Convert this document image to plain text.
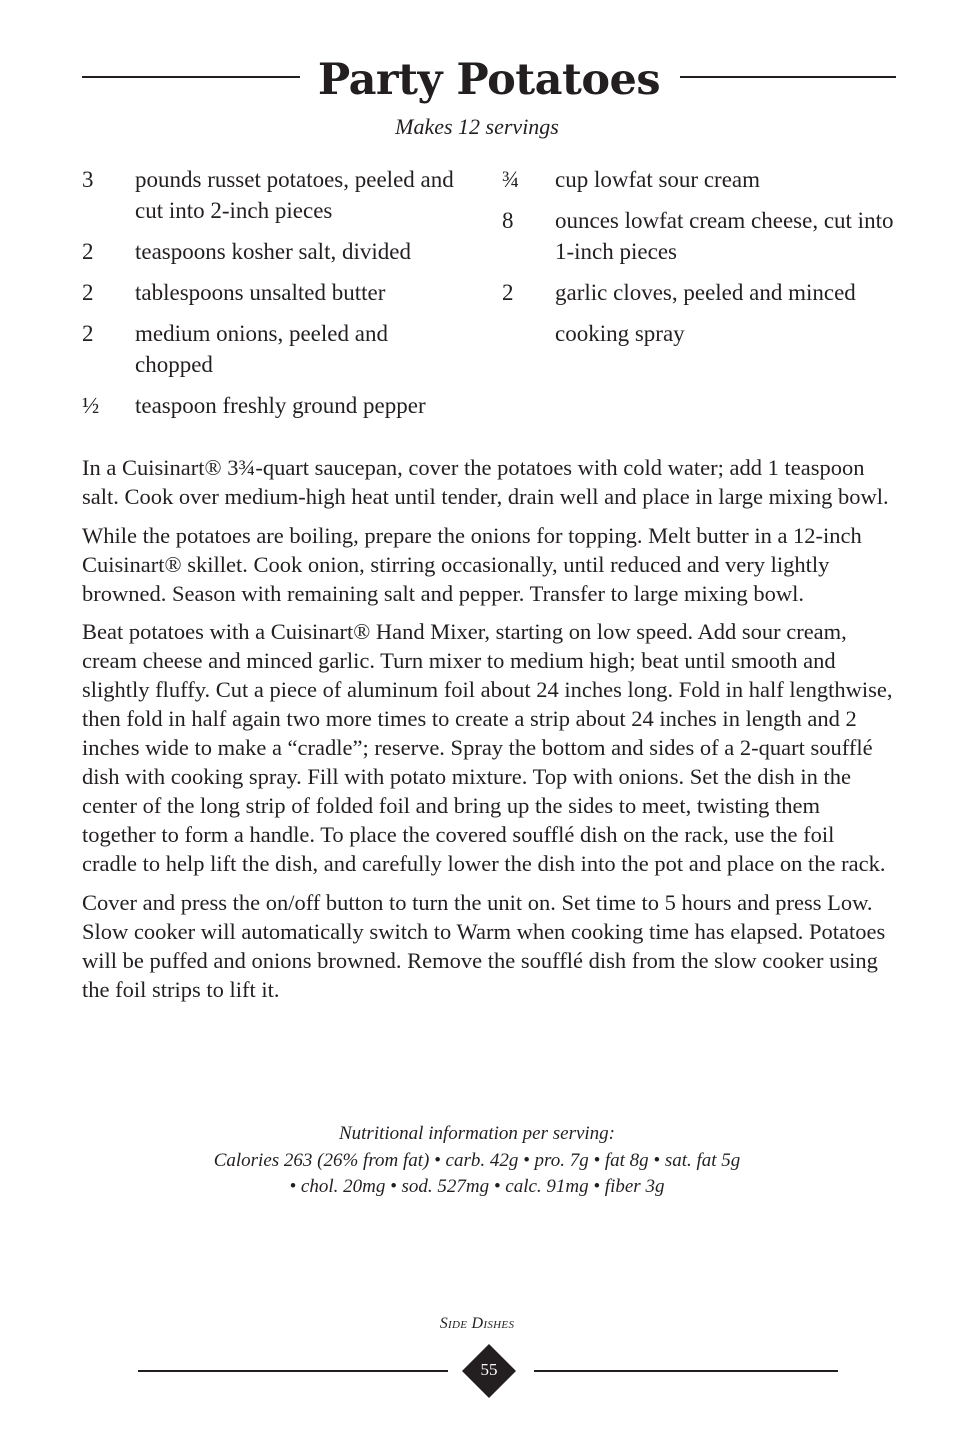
Party Potatoes
Makes 12 servings
3	pounds russet potatoes, peeled and cut into 2-inch pieces
2	teaspoons kosher salt, divided
2	tablespoons unsalted butter
2	medium onions, peeled and chopped
½	teaspoon freshly ground pepper
¾	cup lowfat sour cream
8	ounces lowfat cream cheese, cut into 1-inch pieces
2	garlic cloves, peeled and minced
cooking spray

In a Cuisinart® 3¾-quart saucepan, cover the potatoes with cold water; add 1 teaspoon salt. Cook over medium-high heat until tender, drain well and place in large mixing bowl.

While the potatoes are boiling, prepare the onions for topping. Melt butter in a 12-inch Cuisinart® skillet. Cook onion, stirring occasionally, until reduced and very lightly browned. Season with remaining salt and pepper. Transfer to large mixing bowl.

Beat potatoes with a Cuisinart® Hand Mixer, starting on low speed. Add sour cream, cream cheese and minced garlic. Turn mixer to medium high; beat until smooth and slightly fluffy. Cut a piece of aluminum foil about 24 inches long. Fold in half lengthwise, then fold in half again two more times to create a strip about 24 inches in length and 2 inches wide to make a “cradle”; reserve. Spray the bottom and sides of a 2-quart soufflé dish with cooking spray. Fill with potato mixture. Top with onions. Set the dish in the center of the long strip of folded foil and bring up the sides to meet, twisting them together to form a handle. To place the covered soufflé dish on the rack, use the foil cradle to help lift the dish, and carefully lower the dish into the pot and place on the rack.

Cover and press the on/off button to turn the unit on. Set time to 5 hours and press Low. Slow cooker will automatically switch to Warm when cooking time has elapsed. Potatoes will be puffed and onions browned. Remove the soufflé dish from the slow cooker using the foil strips to lift it.

Nutritional information per serving:
Calories 263 (26% from fat) • carb. 42g • pro. 7g • fat 8g • sat. fat 5g
• chol. 20mg • sod. 527mg • calc. 91mg • fiber 3g
Side Dishes
55
